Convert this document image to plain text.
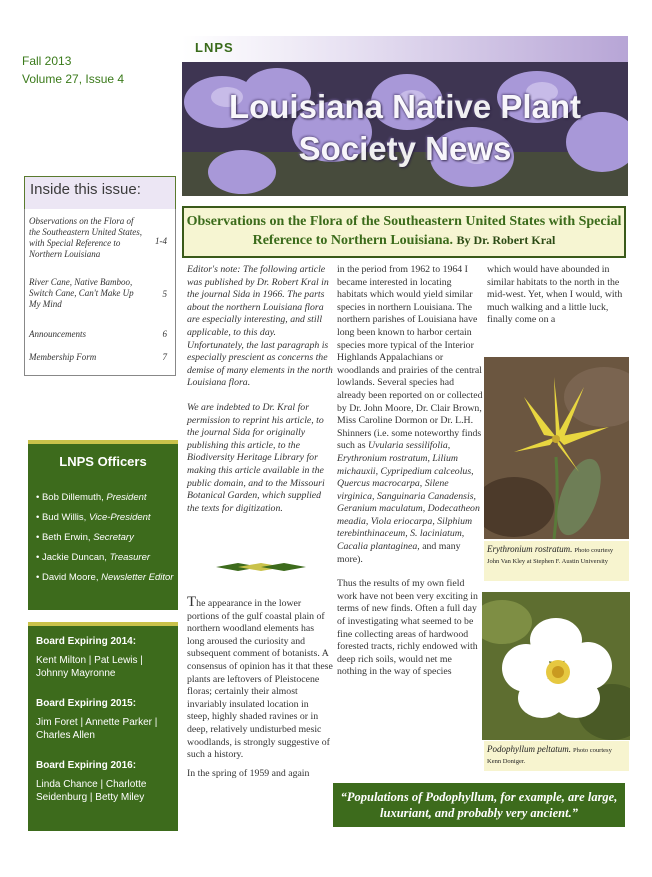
Fall 2013
Volume 27, Issue 4
LNPS
Louisiana Native Plant Society News
Inside this issue:
Observations on the Flora of the Southeastern United States, with Special Reference to Northern Louisiana
1-4
River Cane, Native Bamboo, Switch Cane, Can't Make Up My Mind
5
Announcements	6
Membership Form	7
LNPS Officers
• Bob Dillemuth, President
• Bud Willis, Vice-President
• Beth Erwin, Secretary
• Jackie Duncan, Treasurer
• David Moore, Newsletter Editor
Board Expiring 2014:
Kent Milton | Pat Lewis | Johnny Mayronne
Board Expiring 2015:
Jim Foret | Annette Parker | Charles Allen
Board Expiring 2016:
Linda Chance | Charlotte Seidenburg | Betty Miley
Observations on the Flora of the Southeastern United States with Special Reference to Northern Louisiana. By Dr. Robert Kral

Editor's note: The following article was published by Dr. Robert Kral in the journal Sida in 1966. The parts about the northern Louisiana flora are especially interesting, and still applicable, to this day. Unfortunately, the last paragraph is especially prescient as concerns the demise of many elements in the north Louisiana flora.

We are indebted to Dr. Kral for permission to reprint his article, to the journal Sida for originally publishing this article, to the Biodiversity Heritage Library for making this article available in the public domain, and to the Missouri Botanical Garden, which supplied the texts for digitization.

The appearance in the lower portions of the gulf coastal plain of northern woodland elements has long aroused the curiosity and subsequent comment of botanists. A consensus of opinion has it that these plants are leftovers of Pleistocene floras; certainly their almost invariably insulated location in steep, highly shaded ravines or in deep, relatively undisturbed mesic woodlands, is strongly suggestive of such a history.

In the spring of 1959 and again

in the period from 1962 to 1964 I became interested in locating habitats which would yield similar species in northern Louisiana. The northern parishes of Louisiana have long been known to harbor certain species more typical of the Interior Highlands Appalachians or woodlands and prairies of the central lowlands. Several species had already been reported on or collected by Dr. John Moore, Dr. Clair Brown, Miss Caroline Dormon or Dr. L.H. Shinners (i.e. some noteworthy finds such as Uvularia sessilifolia, Erythronium rostratum, Lilium michauxii, Cypripedium calceolus, Quercus macrocarpa, Silene virginica, Sanguinaria Canadensis, Geranium maculatum, Dodecatheon meadia, Viola eriocarpa, Silphium terebinthinaceum, S. laciniatum, Cacalia plantaginea, and many more).

Thus the results of my own field work have not been very exciting in terms of new finds. Often a full day of investigating what seemed to be fine collecting areas of hardwood forested tracts, richly endowed with deep rich soils, would net me nothing in the way of species

which would have abounded in similar habitats to the north in the mid-west. Yet, when I would, with much walking and a little luck, finally come on a

Erythronium rostratum. Photo courtesy John Van Kley at Stephen F. Austin University
Podophyllum peltatum. Photo courtesy Kenn Doniger.
“Populations of Podophyllum, for example, are large, luxuriant, and probably very ancient.”
